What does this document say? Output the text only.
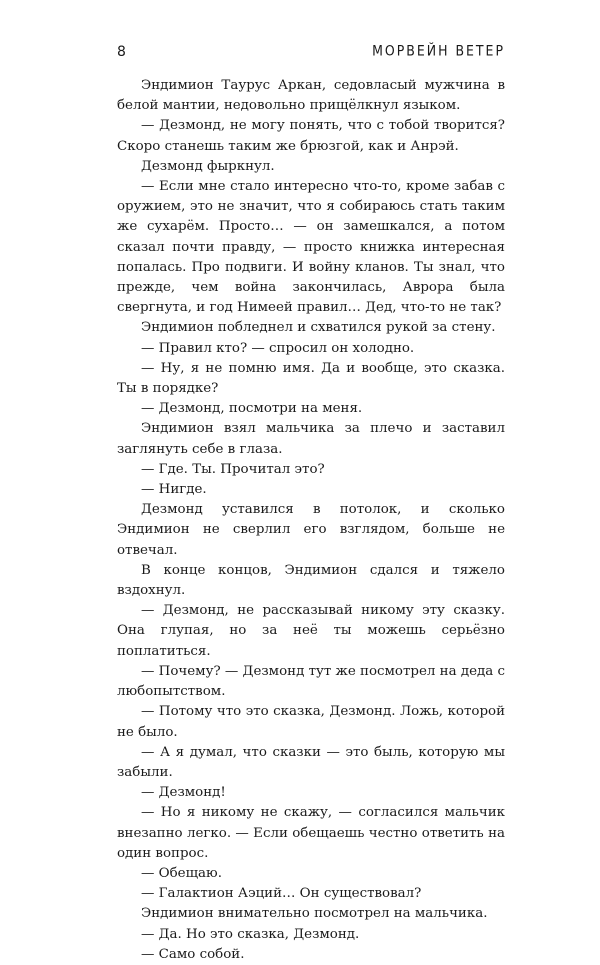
8	МОРВЕЙН ВЕТЕР

Эндимион Таурус Аркан, седовласый мужчина в белой мантии, недовольно прищёлкнул языком.

— Дезмонд, не могу понять, что с тобой творится? Скоро станешь таким же брюзгой, как и Анрэй.

Дезмонд фыркнул.

— Если мне стало интересно что-то, кроме забав с оружием, это не значит, что я собираюсь стать таким же сухарём. Просто… — он замешкался, а потом сказал почти правду, — просто книжка интересная попалась. Про подвиги. И войну кланов. Ты знал, что прежде, чем война закончилась, Аврора была свергнута, и год Нимеей правил… Дед, что-то не так?

Эндимион побледнел и схватился рукой за стену.

— Правил кто? — спросил он холодно.

— Ну, я не помню имя. Да и вообще, это сказка. Ты в порядке?

— Дезмонд, посмотри на меня.

Эндимион взял мальчика за плечо и заставил заглянуть себе в глаза.

— Где. Ты. Прочитал это?

— Нигде.

Дезмонд уставился в потолок, и сколько Эндимион не сверлил его взглядом, больше не отвечал.

В конце концов, Эндимион сдался и тяжело вздохнул.

— Дезмонд, не рассказывай никому эту сказку. Она глупая, но за неё ты можешь серьёзно поплатиться.

— Почему? — Дезмонд тут же посмотрел на деда с любопытством.

— Потому что это сказка, Дезмонд. Ложь, которой не было.

— А я думал, что сказки — это быль, которую мы забыли.

— Дезмонд!

— Но я никому не скажу, — согласился мальчик внезапно легко. — Если обещаешь честно ответить на один вопрос.

— Обещаю.

— Галактион Аэций… Он существовал?

Эндимион внимательно посмотрел на мальчика.

— Да. Но это сказка, Дезмонд.

— Само собой.
